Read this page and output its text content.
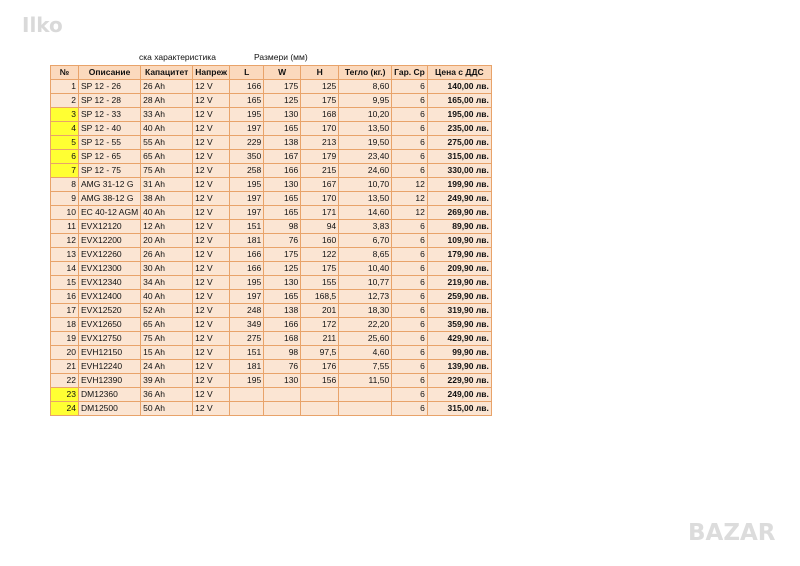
Ilko
BAZAR
ска характеристика	Размери (мм)
№	Описание	Капацитет	Напреж	L	W	H	Тегло (кг.)	Гар. Ср	Цена с ДДС
1	SP 12 - 26	26 Ah	12 V	166	175	125	8,60	6	140,00 лв.
2	SP 12 - 28	28 Ah	12 V	165	125	175	9,95	6	165,00 лв.
3	SP 12 - 33	33 Ah	12 V	195	130	168	10,20	6	195,00 лв.
4	SP 12 - 40	40 Ah	12 V	197	165	170	13,50	6	235,00 лв.
5	SP 12 - 55	55 Ah	12 V	229	138	213	19,50	6	275,00 лв.
6	SP 12 - 65	65 Ah	12 V	350	167	179	23,40	6	315,00 лв.
7	SP 12 - 75	75 Ah	12 V	258	166	215	24,60	6	330,00 лв.
8	AMG 31-12 G	31 Ah	12 V	195	130	167	10,70	12	199,90 лв.
9	AMG 38-12 G	38 Ah	12 V	197	165	170	13,50	12	249,90 лв.
10	EC 40-12 AGM	40 Ah	12 V	197	165	171	14,60	12	269,90 лв.
11	EVX12120	12 Ah	12 V	151	98	94	3,83	6	89,90 лв.
12	EVX12200	20 Ah	12 V	181	76	160	6,70	6	109,90 лв.
13	EVX12260	26 Ah	12 V	166	175	122	8,65	6	179,90 лв.
14	EVX12300	30 Ah	12 V	166	125	175	10,40	6	209,90 лв.
15	EVX12340	34 Ah	12 V	195	130	155	10,77	6	219,90 лв.
16	EVX12400	40 Ah	12 V	197	165	168,5	12,73	6	259,90 лв.
17	EVX12520	52 Ah	12 V	248	138	201	18,30	6	319,90 лв.
18	EVX12650	65 Ah	12 V	349	166	172	22,20	6	359,90 лв.
19	EVX12750	75 Ah	12 V	275	168	211	25,60	6	429,90 лв.
20	EVH12150	15 Ah	12 V	151	98	97,5	4,60	6	99,90 лв.
21	EVH12240	24 Ah	12 V	181	76	176	7,55	6	139,90 лв.
22	EVH12390	39 Ah	12 V	195	130	156	11,50	6	229,90 лв.
23	DM12360	36 Ah	12 V					6	249,00 лв.
24	DM12500	50 Ah	12 V					6	315,00 лв.
